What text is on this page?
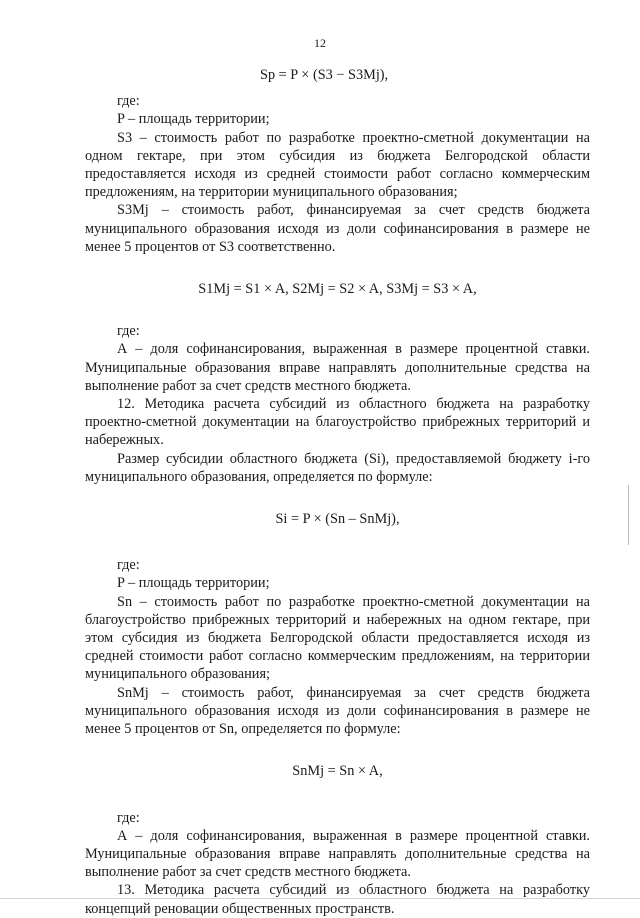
12

Sp = P × (S3 − S3Mj),

где:

P – площадь территории;

S3 – стоимость работ по разработке проектно-сметной документации на одном гектаре, при этом субсидия из бюджета Белгородской области предоставляется исходя из средней стоимости работ согласно коммерческим предложениям, на территории муниципального образования;

S3Mj – стоимость работ, финансируемая за счет средств бюджета муниципального образования исходя из доли софинансирования в размере не менее 5 процентов от S3 соответственно.

S1Mj = S1 × A, S2Mj = S2 × A, S3Mj = S3 × A,

где:

А – доля софинансирования, выраженная в размере процентной ставки. Муниципальные образования вправе направлять дополнительные средства на выполнение работ за счет средств местного бюджета.

12. Методика расчета субсидий из областного бюджета на разработку проектно-сметной документации на благоустройство прибрежных территорий и набережных.

Размер субсидии областного бюджета (Si), предоставляемой бюджету i-го муниципального образования, определяется по формуле:

Si = P × (Sn – SnMj),

где:

P – площадь территории;

Sn – стоимость работ по разработке проектно-сметной документации на благоустройство прибрежных территорий и набережных на одном гектаре, при этом субсидия из бюджета Белгородской области предоставляется исходя из средней стоимости работ согласно коммерческим предложениям, на территории муниципального образования;

SnMj – стоимость работ, финансируемая за счет средств бюджета муниципального образования исходя из доли софинансирования в размере не менее 5 процентов от Sn, определяется по формуле:

SnMj = Sn × A,

где:

А – доля софинансирования, выраженная в размере процентной ставки. Муниципальные образования вправе направлять дополнительные средства на выполнение работ за счет средств местного бюджета.

13. Методика расчета субсидий из областного бюджета на разработку концепций реновации общественных пространств.
